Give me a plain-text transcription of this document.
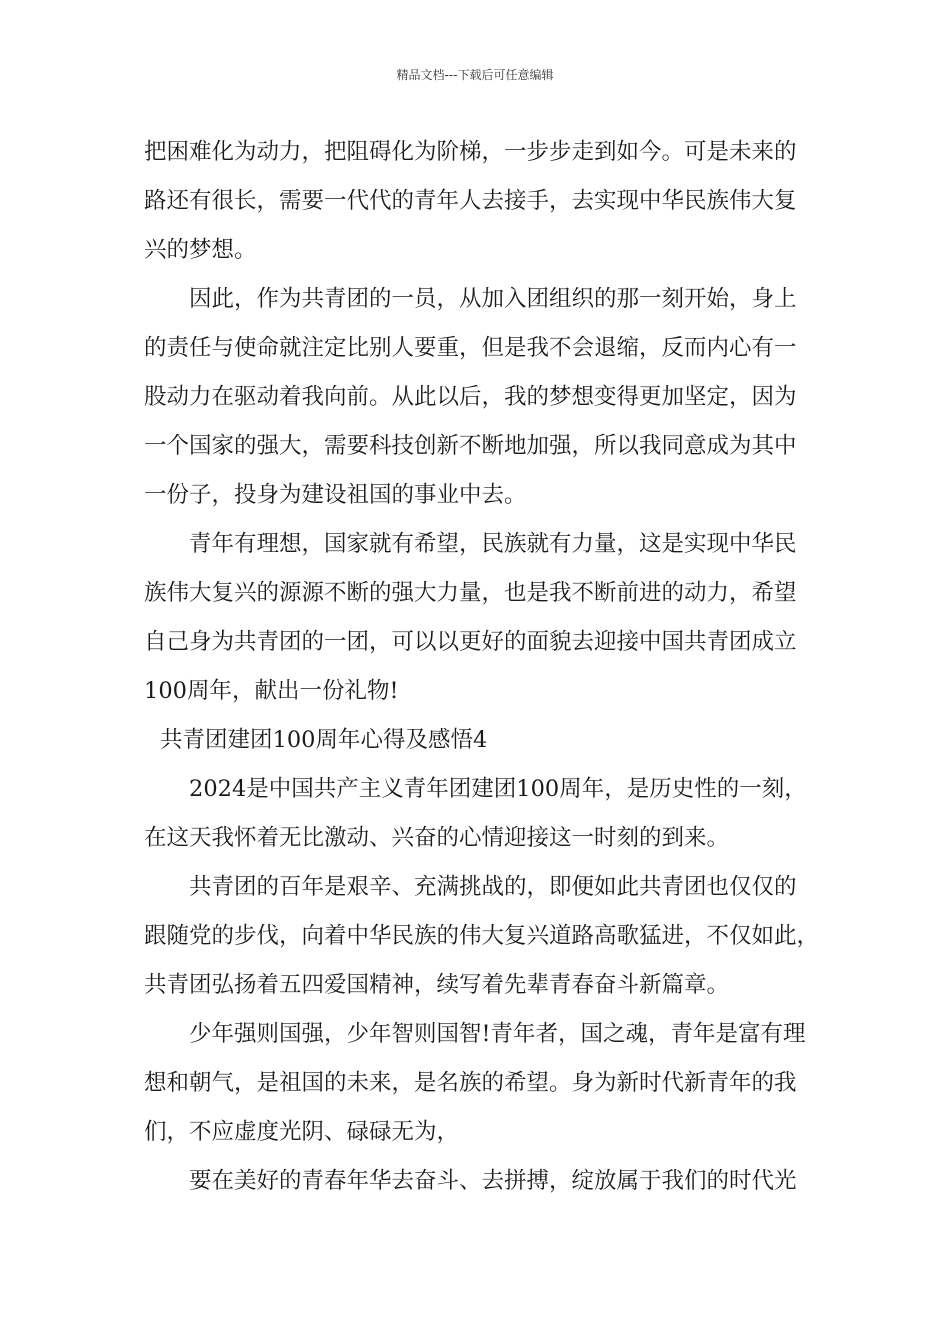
精品文档---下载后可任意编辑
把困难化为动力，把阻碍化为阶梯，一步步走到如今。可是未来的
路还有很长，需要一代代的青年人去接手，去实现中华民族伟大复
兴的梦想。
因此，作为共青团的一员，从加入团组织的那一刻开始，身上
的责任与使命就注定比别人要重，但是我不会退缩，反而内心有一
股动力在驱动着我向前。从此以后，我的梦想变得更加坚定，因为
一个国家的强大，需要科技创新不断地加强，所以我同意成为其中
一份子，投身为建设祖国的事业中去。
青年有理想，国家就有希望，民族就有力量，这是实现中华民
族伟大复兴的源源不断的强大力量，也是我不断前进的动力，希望
自己身为共青团的一团，可以以更好的面貌去迎接中国共青团成立
100周年，献出一份礼物!
共青团建团100周年心得及感悟4
2024是中国共产主义青年团建团100周年，是历史性的一刻，
在这天我怀着无比激动、兴奋的心情迎接这一时刻的到来。
共青团的百年是艰辛、充满挑战的，即便如此共青团也仅仅的
跟随党的步伐，向着中华民族的伟大复兴道路高歌猛进，不仅如此，
共青团弘扬着五四爱国精神，续写着先辈青春奋斗新篇章。
少年强则国强，少年智则国智!青年者，国之魂，青年是富有理
想和朝气，是祖国的未来，是名族的希望。身为新时代新青年的我
们，不应虚度光阴、碌碌无为，
要在美好的青春年华去奋斗、去拼搏，绽放属于我们的时代光
